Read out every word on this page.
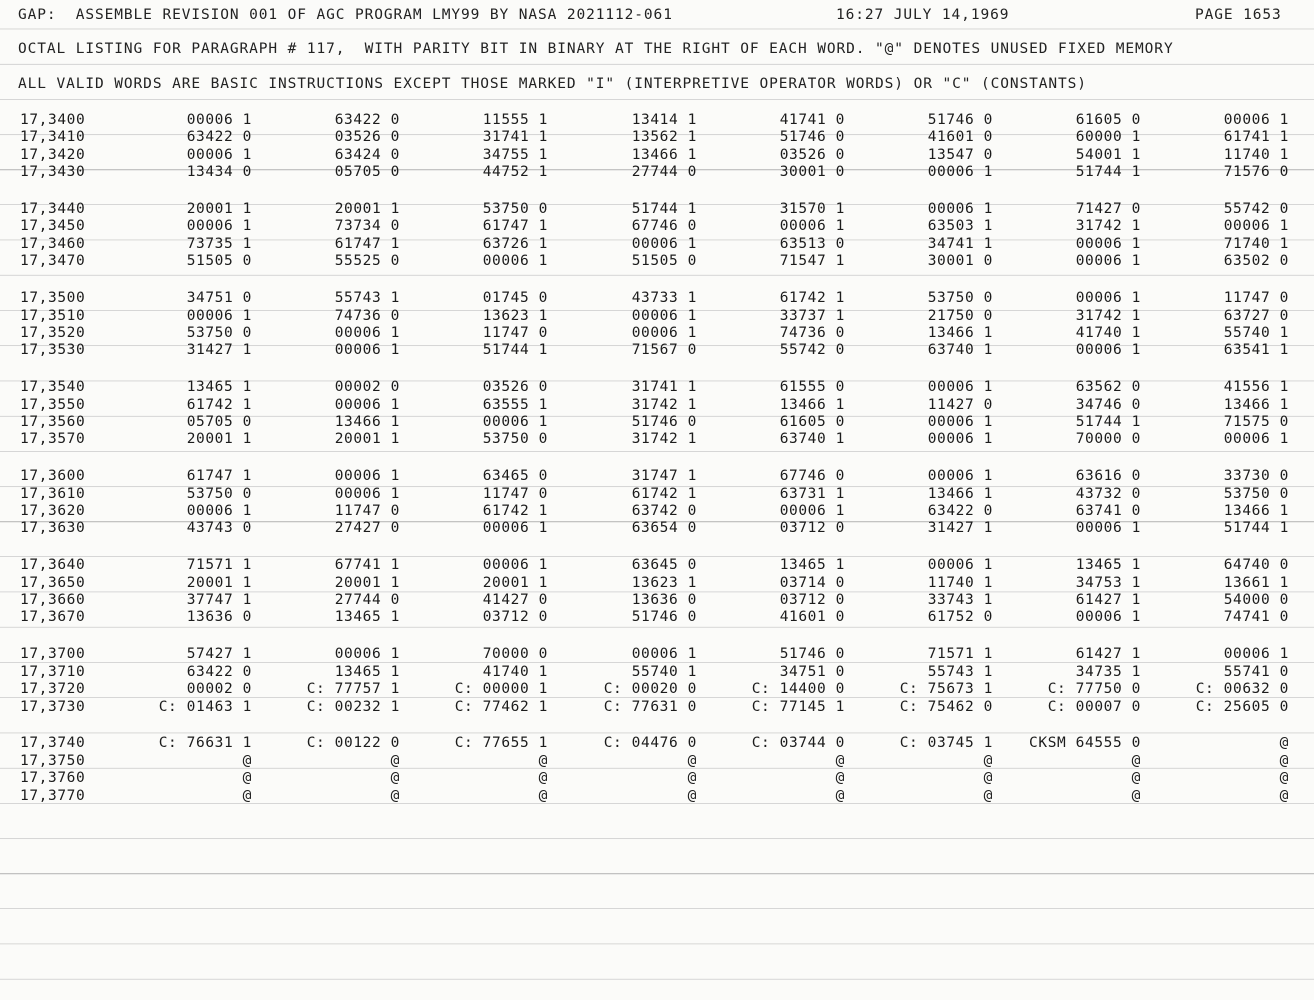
GAP:  ASSEMBLE REVISION 001 OF AGC PROGRAM LMY99 BY NASA 2021112-061	16:27 JULY 14,1969	PAGE 1653
OCTAL LISTING FOR PARAGRAPH # 117,  WITH PARITY BIT IN BINARY AT THE RIGHT OF EACH WORD. "@" DENOTES UNUSED FIXED MEMORY
ALL VALID WORDS ARE BASIC INSTRUCTIONS EXCEPT THOSE MARKED "I" (INTERPRETIVE OPERATOR WORDS) OR "C" (CONSTANTS)
17,3400	00006 1	63422 0	11555 1	13414 1	41741 0	51746 0	61605 0	00006 1
17,3410	63422 0	03526 0	31741 1	13562 1	51746 0	41601 0	60000 1	61741 1
17,3420	00006 1	63424 0	34755 1	13466 1	03526 0	13547 0	54001 1	11740 1
17,3430	13434 0	05705 0	44752 1	27744 0	30001 0	00006 1	51744 1	71576 0
17,3440	20001 1	20001 1	53750 0	51744 1	31570 1	00006 1	71427 0	55742 0
17,3450	00006 1	73734 0	61747 1	67746 0	00006 1	63503 1	31742 1	00006 1
17,3460	73735 1	61747 1	63726 1	00006 1	63513 0	34741 1	00006 1	71740 1
17,3470	51505 0	55525 0	00006 1	51505 0	71547 1	30001 0	00006 1	63502 0
17,3500	34751 0	55743 1	01745 0	43733 1	61742 1	53750 0	00006 1	11747 0
17,3510	00006 1	74736 0	13623 1	00006 1	33737 1	21750 0	31742 1	63727 0
17,3520	53750 0	00006 1	11747 0	00006 1	74736 0	13466 1	41740 1	55740 1
17,3530	31427 1	00006 1	51744 1	71567 0	55742 0	63740 1	00006 1	63541 1
17,3540	13465 1	00002 0	03526 0	31741 1	61555 0	00006 1	63562 0	41556 1
17,3550	61742 1	00006 1	63555 1	31742 1	13466 1	11427 0	34746 0	13466 1
17,3560	05705 0	13466 1	00006 1	51746 0	61605 0	00006 1	51744 1	71575 0
17,3570	20001 1	20001 1	53750 0	31742 1	63740 1	00006 1	70000 0	00006 1
17,3600	61747 1	00006 1	63465 0	31747 1	67746 0	00006 1	63616 0	33730 0
17,3610	53750 0	00006 1	11747 0	61742 1	63731 1	13466 1	43732 0	53750 0
17,3620	00006 1	11747 0	61742 1	63742 0	00006 1	63422 0	63741 0	13466 1
17,3630	43743 0	27427 0	00006 1	63654 0	03712 0	31427 1	00006 1	51744 1
17,3640	71571 1	67741 1	00006 1	63645 0	13465 1	00006 1	13465 1	64740 0
17,3650	20001 1	20001 1	20001 1	13623 1	03714 0	11740 1	34753 1	13661 1
17,3660	37747 1	27744 0	41427 0	13636 0	03712 0	33743 1	61427 1	54000 0
17,3670	13636 0	13465 1	03712 0	51746 0	41601 0	61752 0	00006 1	74741 0
17,3700	57427 1	00006 1	70000 0	00006 1	51746 0	71571 1	61427 1	00006 1
17,3710	63422 0	13465 1	41740 1	55740 1	34751 0	55743 1	34735 1	55741 0
17,3720	00002 0	C: 77757 1	C: 00000 1	C: 00020 0	C: 14400 0	C: 75673 1	C: 77750 0	C: 00632 0
17,3730	C: 01463 1	C: 00232 1	C: 77462 1	C: 77631 0	C: 77145 1	C: 75462 0	C: 00007 0	C: 25605 0
17,3740	C: 76631 1	C: 00122 0	C: 77655 1	C: 04476 0	C: 03744 0	C: 03745 1	CKSM 64555 0	@
17,3750	@	@	@	@	@	@	@	@
17,3760	@	@	@	@	@	@	@	@
17,3770	@	@	@	@	@	@	@	@
